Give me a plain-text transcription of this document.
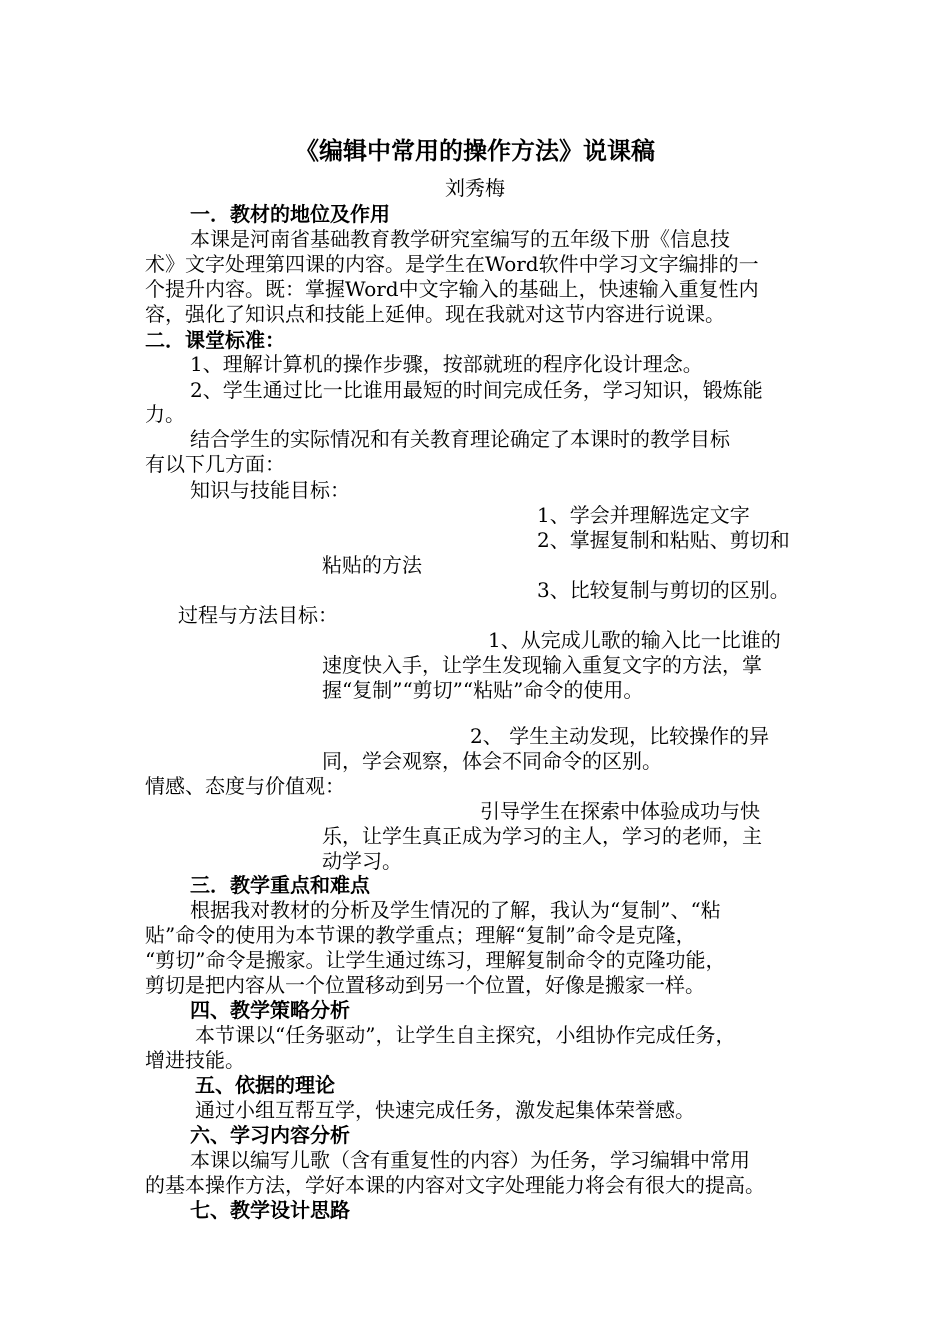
《编辑中常用的操作方法》说课稿
刘秀梅
一．教材的地位及作用
本课是河南省基础教育教学研究室编写的五年级下册《信息技
术》文字处理第四课的内容。是学生在Word软件中学习文字编排的一
个提升内容。既：掌握Word中文字输入的基础上，快速输入重复性内
容，强化了知识点和技能上延伸。现在我就对这节内容进行说课。
二．课堂标准：
1、理解计算机的操作步骤，按部就班的程序化设计理念。
2、学生通过比一比谁用最短的时间完成任务，学习知识，锻炼能
力。
结合学生的实际情况和有关教育理论确定了本课时的教学目标
有以下几方面：
知识与技能目标：
1、学会并理解选定文字
2、掌握复制和粘贴、剪切和
粘贴的方法
3、比较复制与剪切的区别。
过程与方法目标：
1、从完成儿歌的输入比一比谁的
速度快入手，让学生发现输入重复文字的方法，掌
握“复制”“剪切”“粘贴”命令的使用。
2、 学生主动发现，比较操作的异
同，学会观察，体会不同命令的区别。
情感、态度与价值观：
引导学生在探索中体验成功与快
乐，让学生真正成为学习的主人，学习的老师，主
动学习。
三．教学重点和难点
根据我对教材的分析及学生情况的了解，我认为“复制”、“粘
贴”命令的使用为本节课的教学重点；理解“复制”命令是克隆，
“剪切”命令是搬家。让学生通过练习，理解复制命令的克隆功能，
剪切是把内容从一个位置移动到另一个位置，好像是搬家一样。
四、教学策略分析
本节课以“任务驱动”，让学生自主探究，小组协作完成任务，
增进技能。
五、依据的理论
通过小组互帮互学，快速完成任务，激发起集体荣誉感。
六、学习内容分析
本课以编写儿歌（含有重复性的内容）为任务，学习编辑中常用
的基本操作方法，学好本课的内容对文字处理能力将会有很大的提高。
七、教学设计思路
